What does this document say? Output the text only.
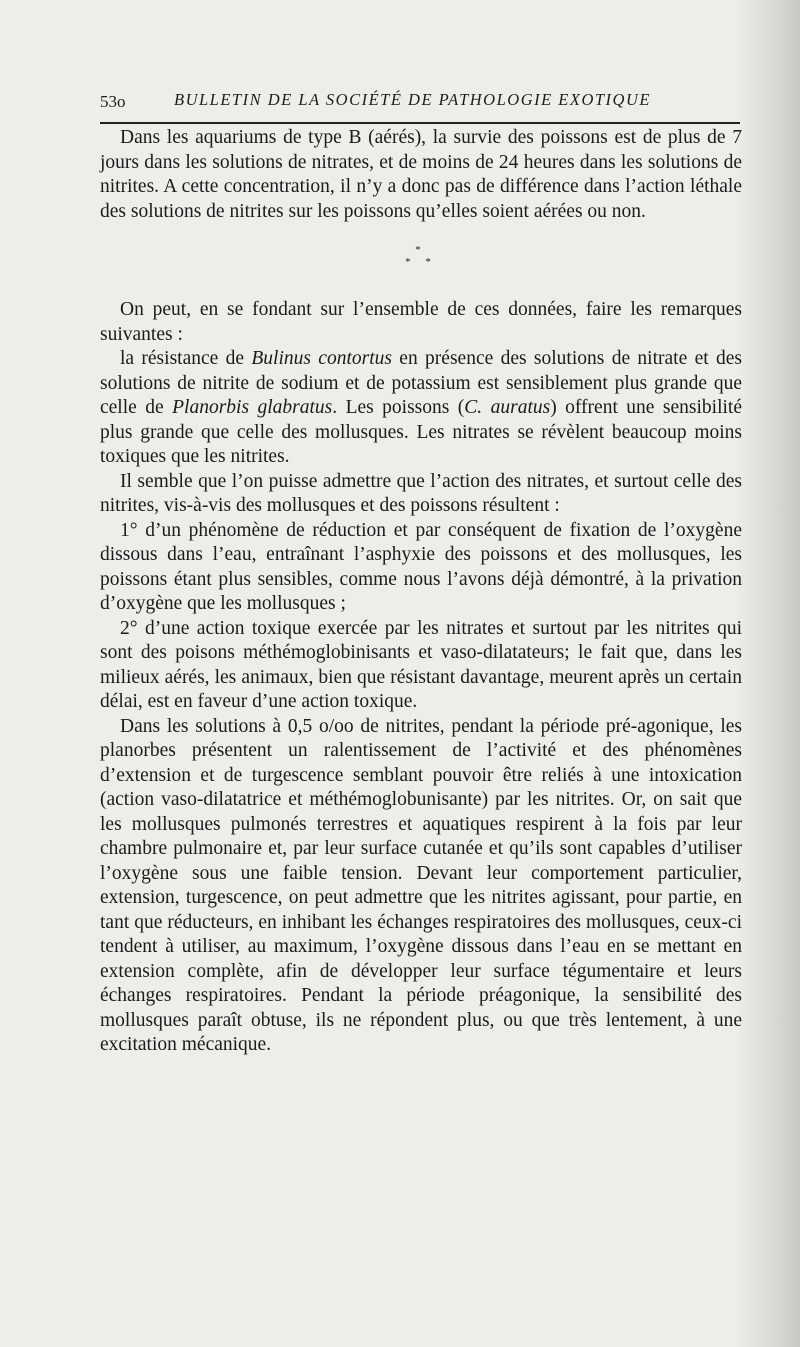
53o	BULLETIN DE LA SOCIÉTÉ DE PATHOLOGIE EXOTIQUE

Dans les aquariums de type B (aérés), la survie des poissons est de plus de 7 jours dans les solutions de nitrates, et de moins de 24 heures dans les solutions de nitrites. A cette concentration, il n’y a donc pas de différence dans l’action léthale des solutions de nitrites sur les poissons qu’elles soient aérées ou non.

*
* *

On peut, en se fondant sur l’ensemble de ces données, faire les remarques suivantes :

la résistance de Bulinus contortus en présence des solutions de nitrate et des solutions de nitrite de sodium et de potassium est sensiblement plus grande que celle de Planorbis glabratus. Les poissons (C. auratus) offrent une sensibilité plus grande que celle des mollusques. Les nitrates se révèlent beaucoup moins toxiques que les nitrites.

Il semble que l’on puisse admettre que l’action des nitrates, et surtout celle des nitrites, vis-à-vis des mollusques et des poissons résultent :

1° d’un phénomène de réduction et par conséquent de fixation de l’oxygène dissous dans l’eau, entraînant l’asphyxie des poissons et des mollusques, les poissons étant plus sensibles, comme nous l’avons déjà démontré, à la privation d’oxygène que les mollusques ;

2° d’une action toxique exercée par les nitrates et surtout par les nitrites qui sont des poisons méthémoglobinisants et vaso-dilatateurs; le fait que, dans les milieux aérés, les animaux, bien que résistant davantage, meurent après un certain délai, est en faveur d’une action toxique.

Dans les solutions à 0,5 o/oo de nitrites, pendant la période pré-agonique, les planorbes présentent un ralentissement de l’activité et des phénomènes d’extension et de turgescence semblant pouvoir être reliés à une intoxication (action vaso-dilatatrice et méthémoglobunisante) par les nitrites. Or, on sait que les mollusques pulmonés terrestres et aquatiques respirent à la fois par leur chambre pulmonaire et, par leur surface cutanée et qu’ils sont capables d’utiliser l’oxygène sous une faible tension. Devant leur comportement particulier, extension, turgescence, on peut admettre que les nitrites agissant, pour partie, en tant que réducteurs, en inhibant les échanges respiratoires des mollusques, ceux-ci tendent à utiliser, au maximum, l’oxygène dissous dans l’eau en se mettant en extension complète, afin de développer leur surface tégumentaire et leurs échanges respiratoires. Pendant la période préagonique, la sensibilité des mollusques paraît obtuse, ils ne répondent plus, ou que très lentement, à une excitation mécanique.
